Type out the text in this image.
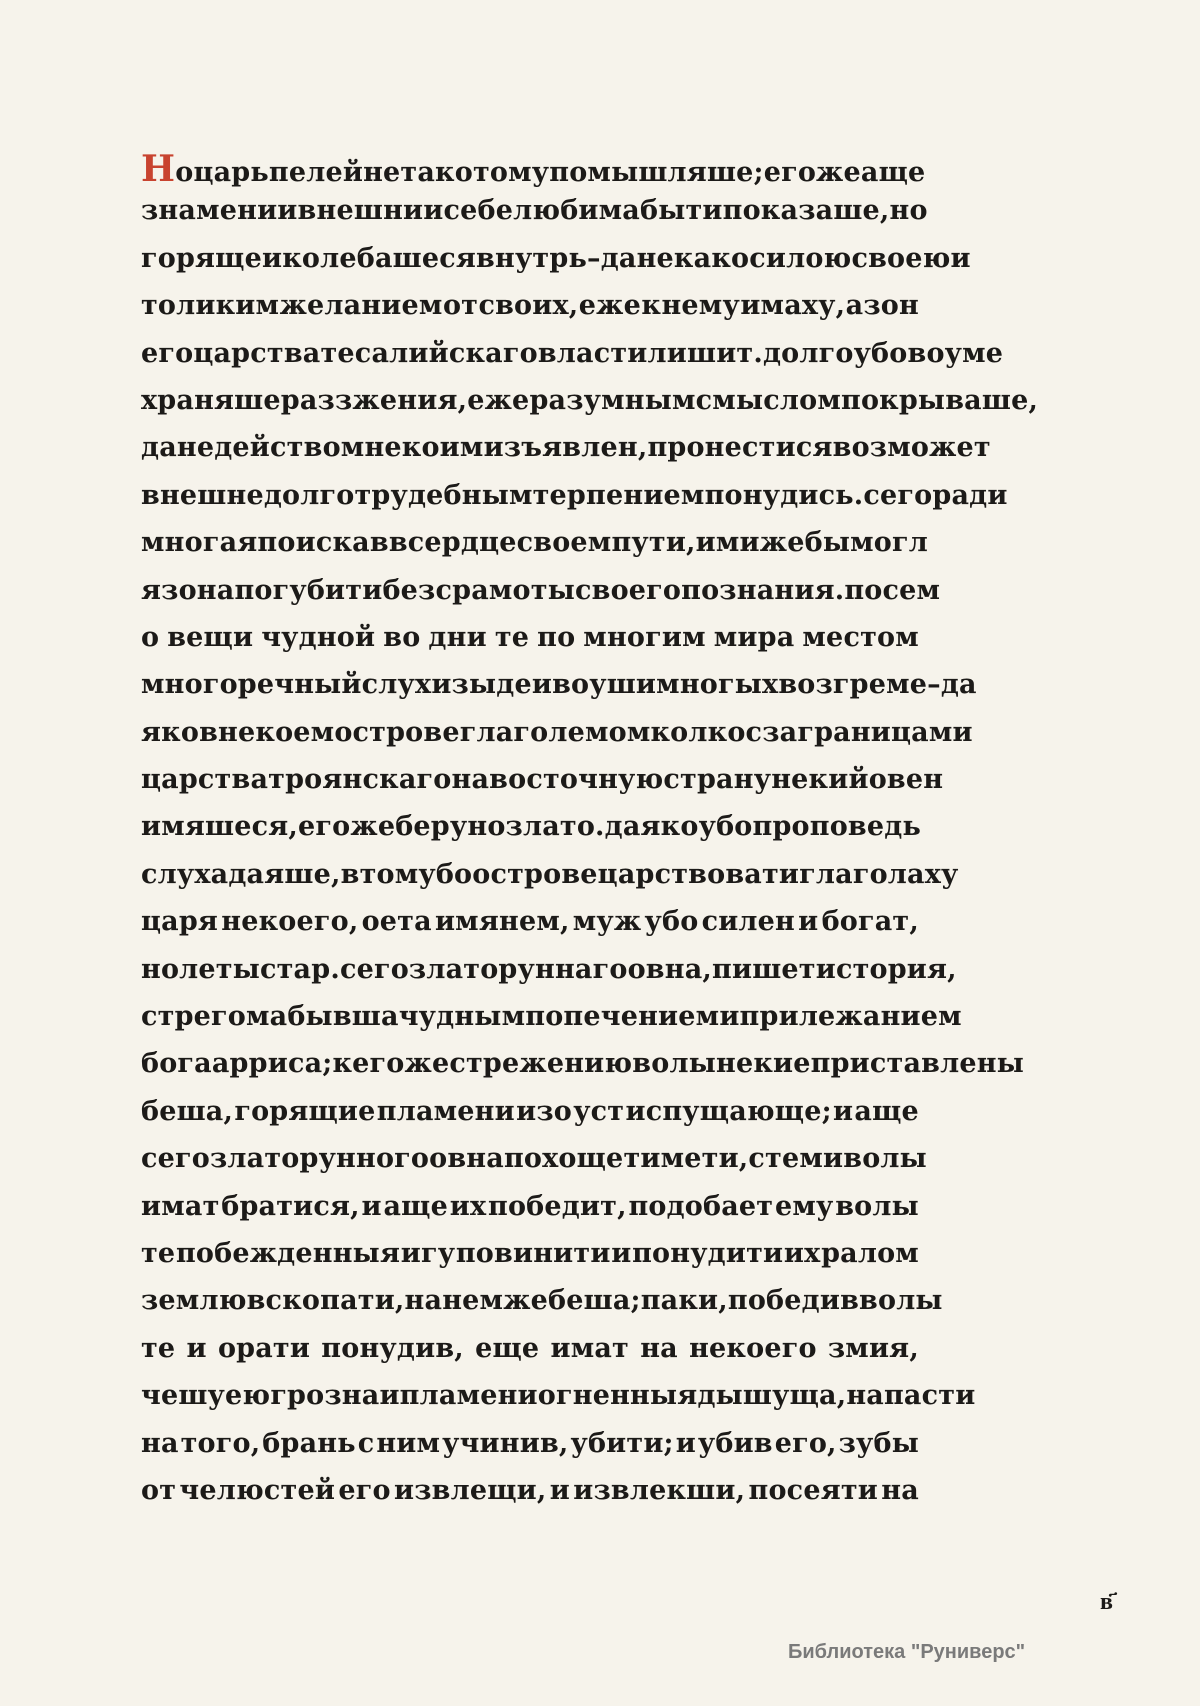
Но царь пелей не тако тому помышляше; егоже аще
знамении внешнии себе любима быти показаше, но
горяще и колебашеся внутрь – да не како силою своею и
толиким желанием от своих, еже к нему имаху, азон
его царства тесалийскаго власти лишит. долго убо во уме
храняше раззжения, еже разумным смыслом покрываше,
да не действом некоим изъявлен, пронестися возможет
внешне долготрудебным терпением понудись. сего ради
многая поискав в сердце своем пути, ими же бы могл
язона погубити без срамоты своего познания. по сем
о вещи чудной во дни те по многим мира местом
многоречный слух изыде и во уши многых возгреме – да
яко в некоем острове глаголемом колкос за границами
царства троянскаго на восточную страну некий овен
имяшеся, его же бе руно злато. да яко убо проповедь
слуха даяше, в том убо острове царствовати глаголаху
царя некоего, оета имянем, муж убо силен и богат,
но леты стар. сего златоруннаго овна, пишет история,
стрегома бывша чудным попечением и прилежанием
бога арриса; к егоже стрежению волы некие приставлены
беша, горящие пламени изо уст испущающе; и аще
сего златорунного овна похощет имети, с теми волы
имат братися, и аще их победит, подобает ему волы
те побежденныя игу повинити и понудити их ралом
землю вскопати, на нем же беша; паки, победив волы
те и орати понудив, еще имат на некоего змия,
чешуею грозна и пламени огненныя дышуща, напасти
на того, брань с ним учинив, убити; и убив его, зубы
от челюстей его извлещи, и извлекши, посеяти на
в҃
Библиотека "Руниверс"
